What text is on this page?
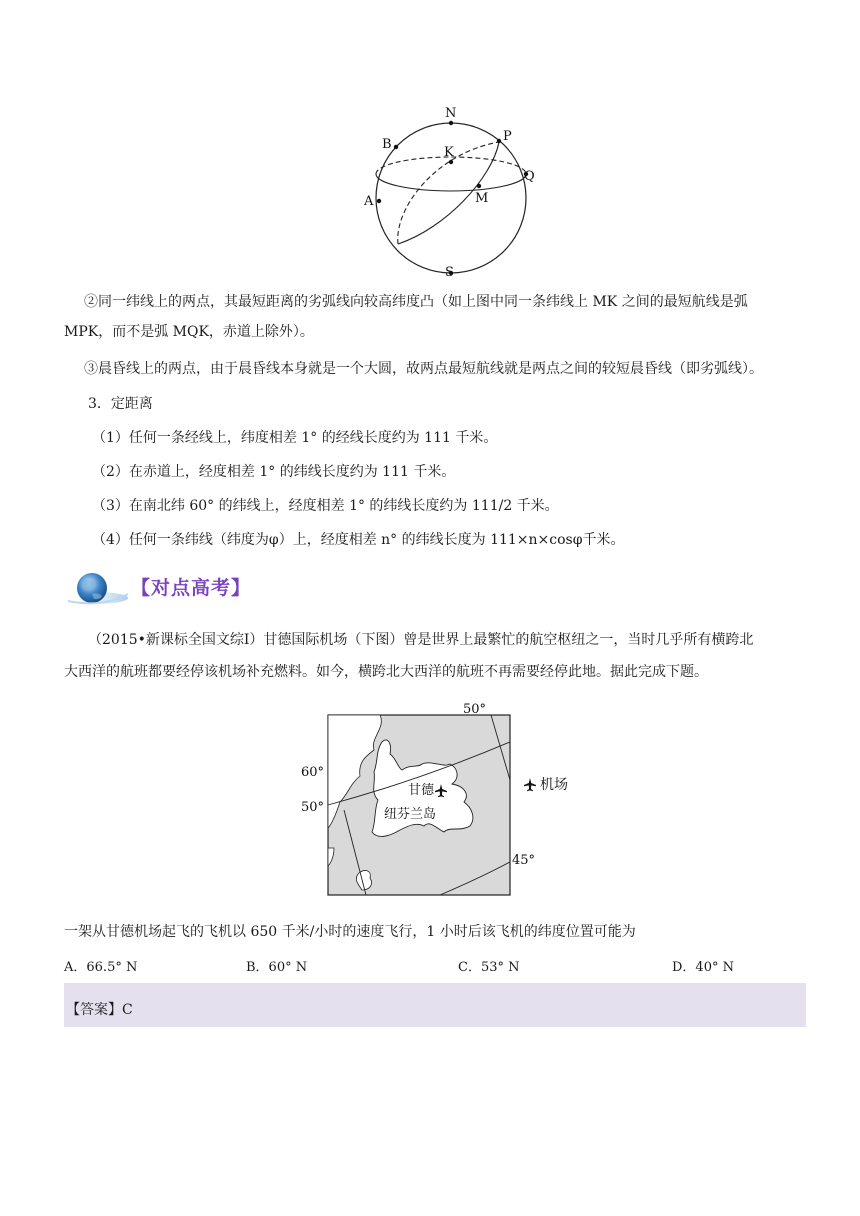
N
P
B
K
Q
A	M
S
②同一纬线上的两点，其最短距离的劣弧线向较高纬度凸（如上图中同一条纬线上 MK 之间的最短航线是弧
MPK，而不是弧 MQK，赤道上除外）。
③晨昏线上的两点，由于晨昏线本身就是一个大圆，故两点最短航线就是两点之间的较短晨昏线（即劣弧线）。
3．定距离
（1）任何一条经线上，纬度相差 1° 的经线长度约为 111 千米。
（2）在赤道上，经度相差 1° 的纬线长度约为 111 千米。
（3）在南北纬 60° 的纬线上，经度相差 1° 的纬线长度约为 111/2 千米。
（4）任何一条纬线（纬度为φ）上，经度相差 n° 的纬线长度为 111×n×cosφ千米。
【对点高考】
（2015•新课标全国文综Ⅰ）甘德国际机场（下图）曾是世界上最繁忙的航空枢纽之一，当时几乎所有横跨北
大西洋的航班都要经停该机场补充燃料。如今，横跨北大西洋的航班不再需要经停此地。据此完成下题。
50°
60°
50°
45°
甘德
纽芬兰岛
机场
一架从甘德机场起飞的飞机以 650 千米/小时的速度飞行，1 小时后该飞机的纬度位置可能为
A．66.5° N	B．60° N	C．53° N	D．40° N
【答案】C
